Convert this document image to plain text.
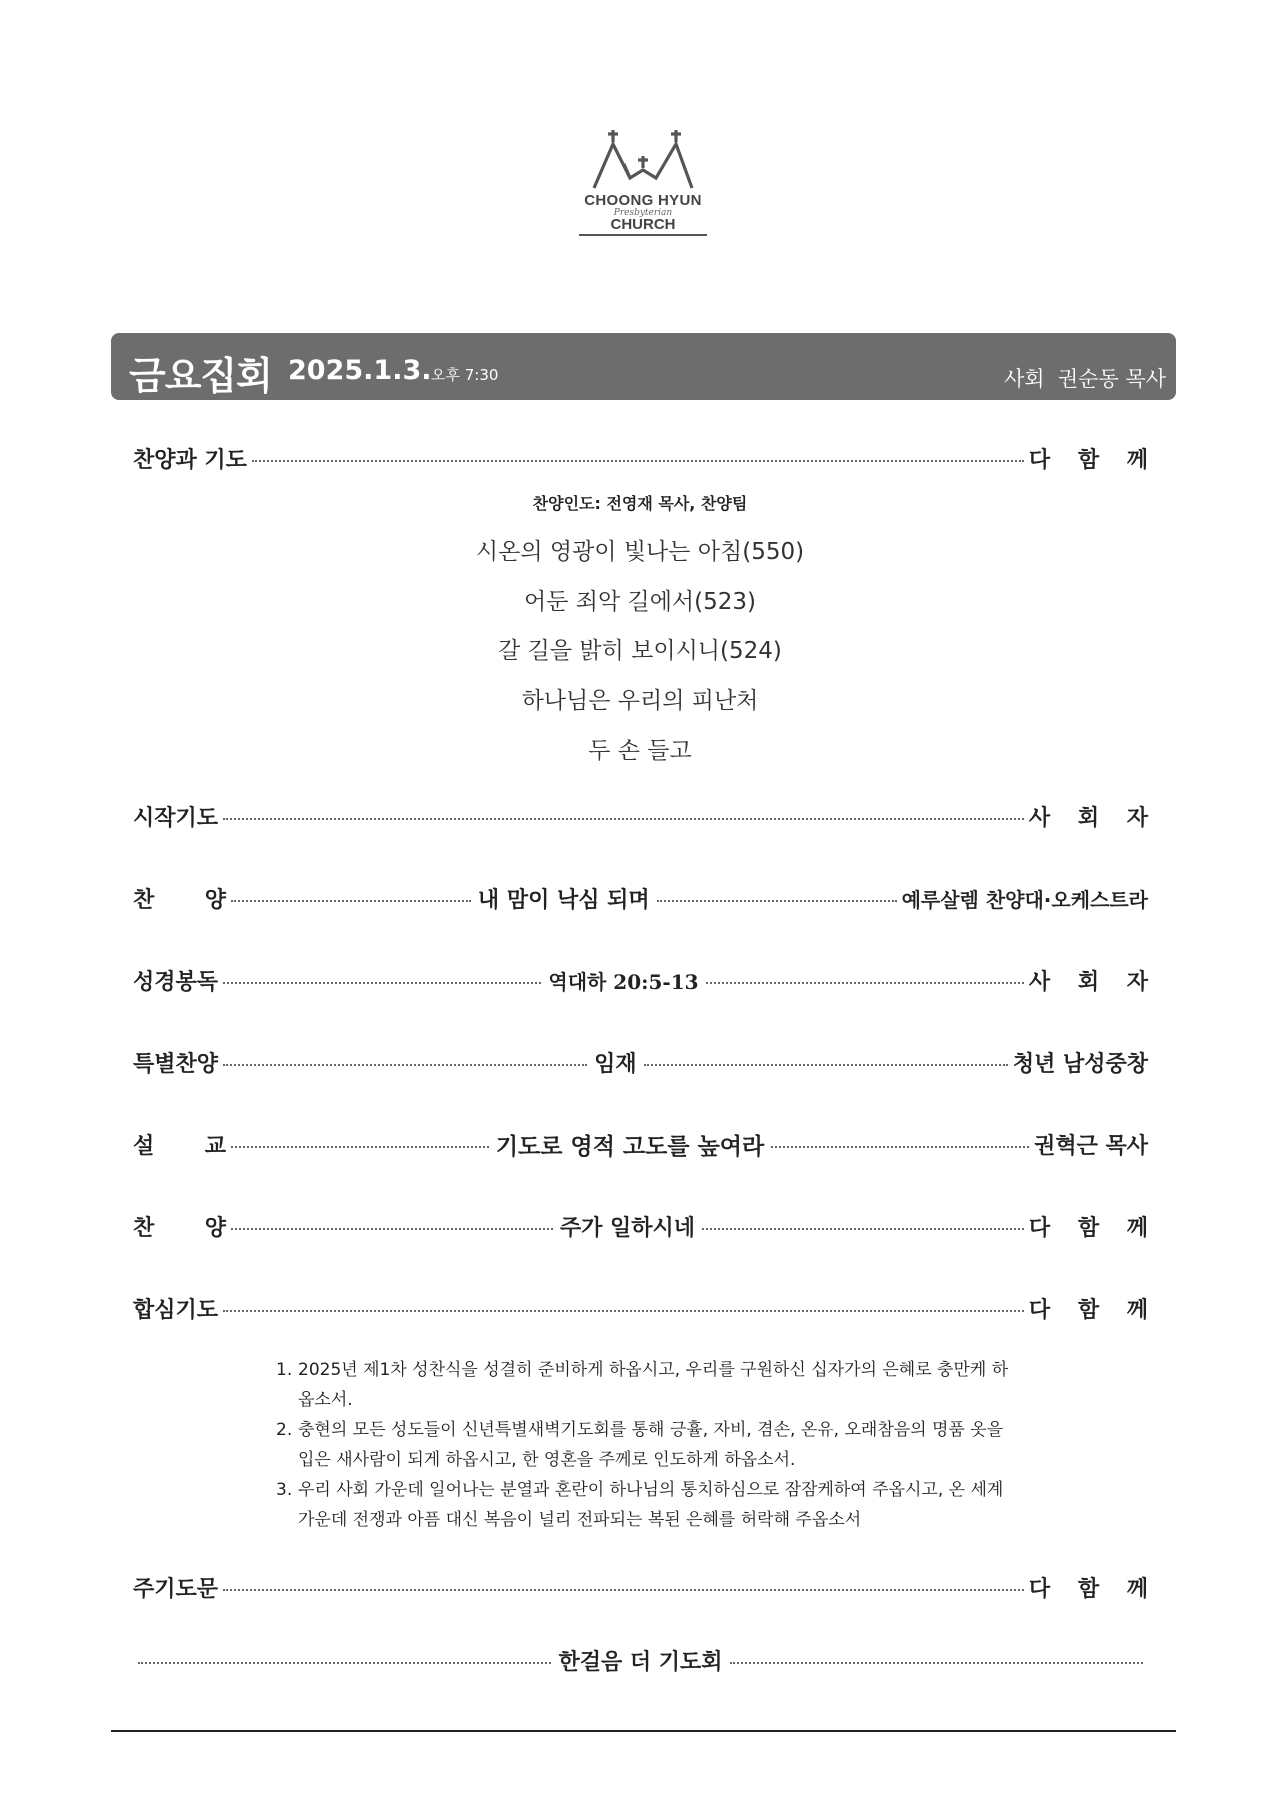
CHOONG HYUN
Presbyterian
CHURCH
금요집회 2025.1.3. 오후 7:30	사회  권순동 목사
찬양과 기도	다 함 께
찬양인도: 전영재 목사, 찬양팀
시온의 영광이 빛나는 아침(550)
어둔 죄악 길에서(523)
갈 길을 밝히 보이시니(524)
하나님은 우리의 피난처
두 손 들고
시작기도	사 회 자
찬 양	내 맘이 낙심 되며	예루살렘 찬양대·오케스트라
성경봉독	역대하 20:5-13	사 회 자
특별찬양	임재	청년 남성중창
설 교	기도로 영적 고도를 높여라	권혁근 목사
찬 양	주가 일하시네	다 함 께
합심기도	다 함 께
1. 2025년 제1차 성찬식을 성결히 준비하게 하옵시고, 우리를 구원하신 십자가의 은혜로 충만케 하옵소서.
2. 충현의 모든 성도들이 신년특별새벽기도회를 통해 긍휼, 자비, 겸손, 온유, 오래참음의 명품 옷을 입은 새사람이 되게 하옵시고, 한 영혼을 주께로 인도하게 하옵소서.
3. 우리 사회 가운데 일어나는 분열과 혼란이 하나님의 통치하심으로 잠잠케하여 주옵시고, 온 세계 가운데 전쟁과 아픔 대신 복음이 널리 전파되는 복된 은혜를 허락해 주옵소서
주기도문	다 함 께
한걸음 더 기도회
